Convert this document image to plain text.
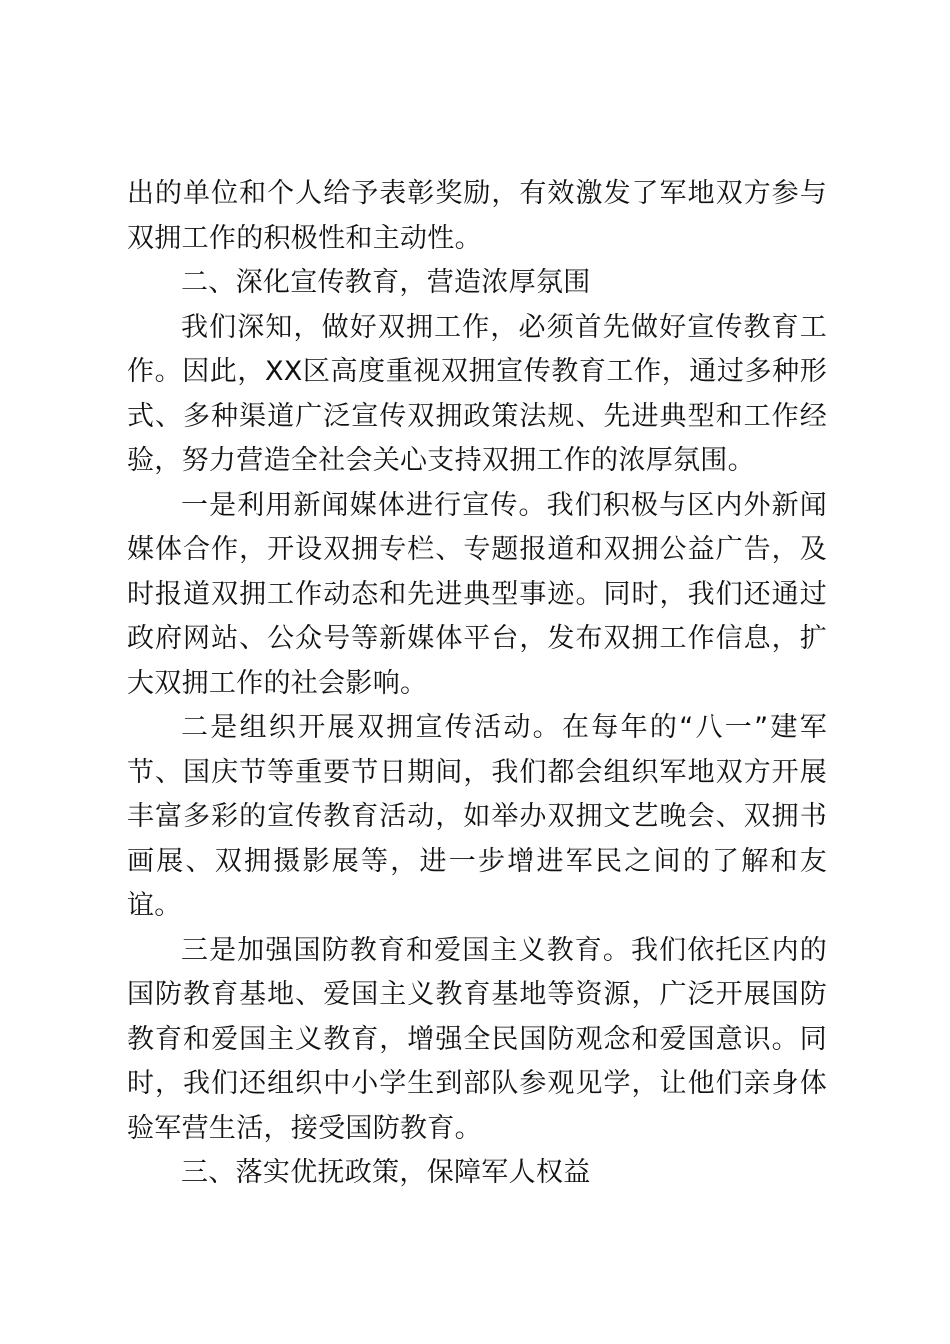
出的单位和个人给予表彰奖励，有效激发了军地双方参与双拥工作的积极性和主动性。

二、深化宣传教育，营造浓厚氛围

我们深知，做好双拥工作，必须首先做好宣传教育工作。因此，XX区高度重视双拥宣传教育工作，通过多种形式、多种渠道广泛宣传双拥政策法规、先进典型和工作经验，努力营造全社会关心支持双拥工作的浓厚氛围。

一是利用新闻媒体进行宣传。我们积极与区内外新闻媒体合作，开设双拥专栏、专题报道和双拥公益广告，及时报道双拥工作动态和先进典型事迹。同时，我们还通过政府网站、公众号等新媒体平台，发布双拥工作信息，扩大双拥工作的社会影响。

二是组织开展双拥宣传活动。在每年的“八一”建军节、国庆节等重要节日期间，我们都会组织军地双方开展丰富多彩的宣传教育活动，如举办双拥文艺晚会、双拥书画展、双拥摄影展等，进一步增进军民之间的了解和友谊。

三是加强国防教育和爱国主义教育。我们依托区内的国防教育基地、爱国主义教育基地等资源，广泛开展国防教育和爱国主义教育，增强全民国防观念和爱国意识。同时，我们还组织中小学生到部队参观见学，让他们亲身体验军营生活，接受国防教育。

三、落实优抚政策，保障军人权益
